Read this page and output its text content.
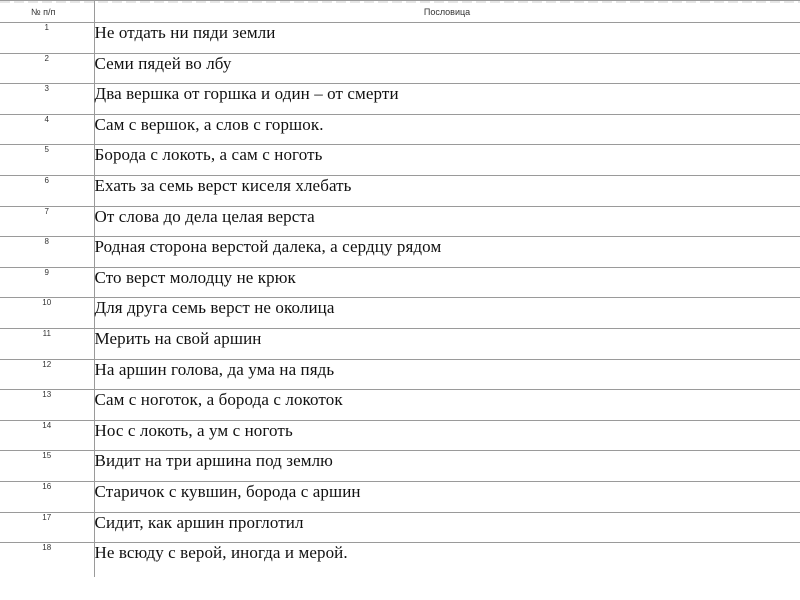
№ п/п	Пословица
1	Не отдать ни пяди земли
2	Семи пядей во лбу
3	Два вершка от горшка и один – от смерти
4	Сам с вершок, а слов с горшок.
5	Борода с локоть, а сам с ноготь
6	Ехать за семь верст киселя хлебать
7	От слова до дела целая верста
8	Родная сторона верстой далека, а сердцу рядом
9	Сто верст молодцу не крюк
10	Для друга семь верст не околица
11	Мерить на свой аршин
12	На аршин голова, да ума на пядь
13	Сам с ноготок, а борода с локоток
14	Нос с локоть, а ум с ноготь
15	Видит на три аршина под землю
16	Старичок с кувшин, борода с аршин
17	Сидит, как аршин проглотил
18	Не всюду с верой, иногда и мерой.
